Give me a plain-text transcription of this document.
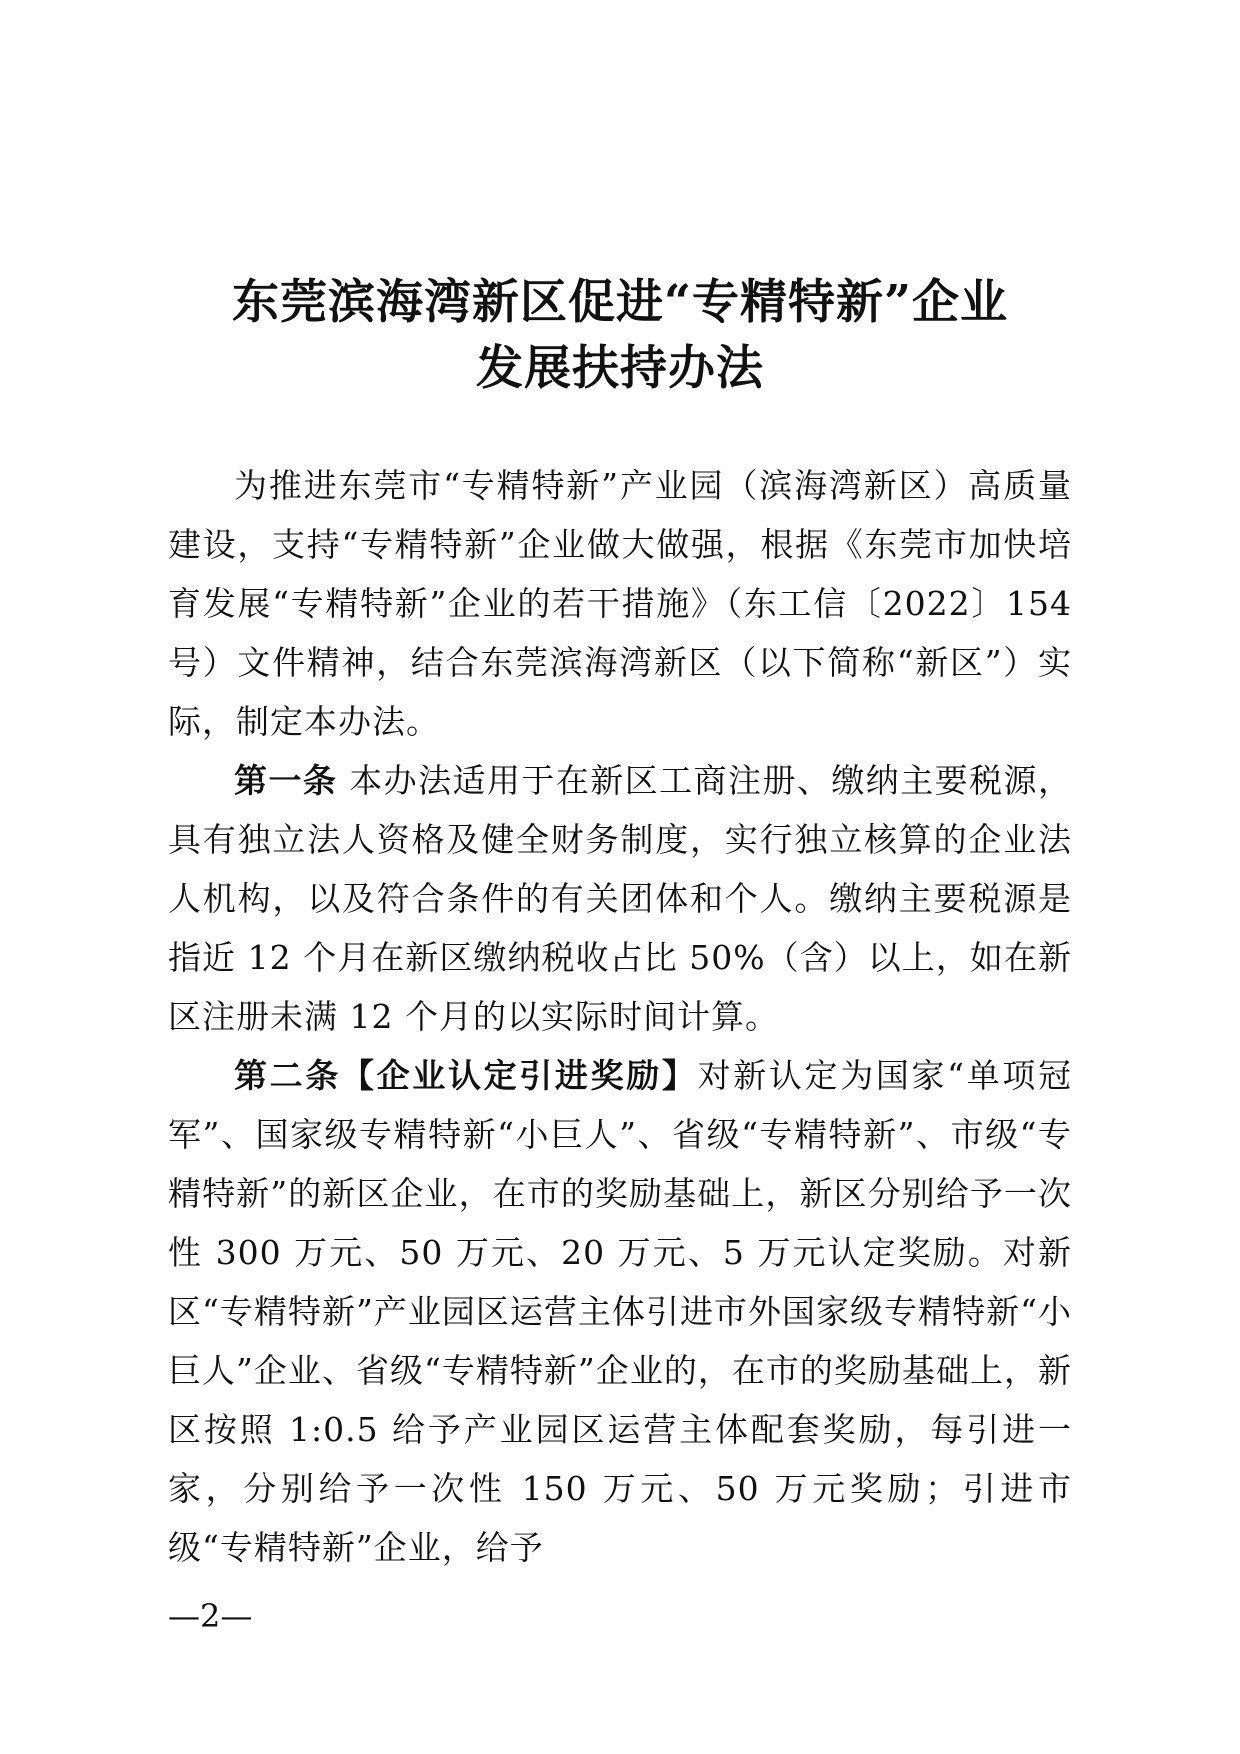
东莞滨海湾新区促进“专精特新”企业
发展扶持办法

为推进东莞市“专精特新”产业园（滨海湾新区）高质量建设，支持“专精特新”企业做大做强，根据《东莞市加快培育发展“专精特新”企业的若干措施》（东工信〔2022〕154号）文件精神，结合东莞滨海湾新区（以下简称“新区”）实际，制定本办法。

第一条 本办法适用于在新区工商注册、缴纳主要税源，具有独立法人资格及健全财务制度，实行独立核算的企业法人机构，以及符合条件的有关团体和个人。缴纳主要税源是指近 12 个月在新区缴纳税收占比 50%（含）以上，如在新区注册未满 12 个月的以实际时间计算。

第二条【企业认定引进奖励】对新认定为国家“单项冠军”、国家级专精特新“小巨人”、省级“专精特新”、市级“专精特新”的新区企业，在市的奖励基础上，新区分别给予一次性 300 万元、50 万元、20 万元、5 万元认定奖励。对新区“专精特新”产业园区运营主体引进市外国家级专精特新“小巨人”企业、省级“专精特新”企业的，在市的奖励基础上，新区按照 1:0.5 给予产业园区运营主体配套奖励，每引进一家，分别给予一次性 150 万元、50 万元奖励；引进市级“专精特新”企业，给予

—2—
